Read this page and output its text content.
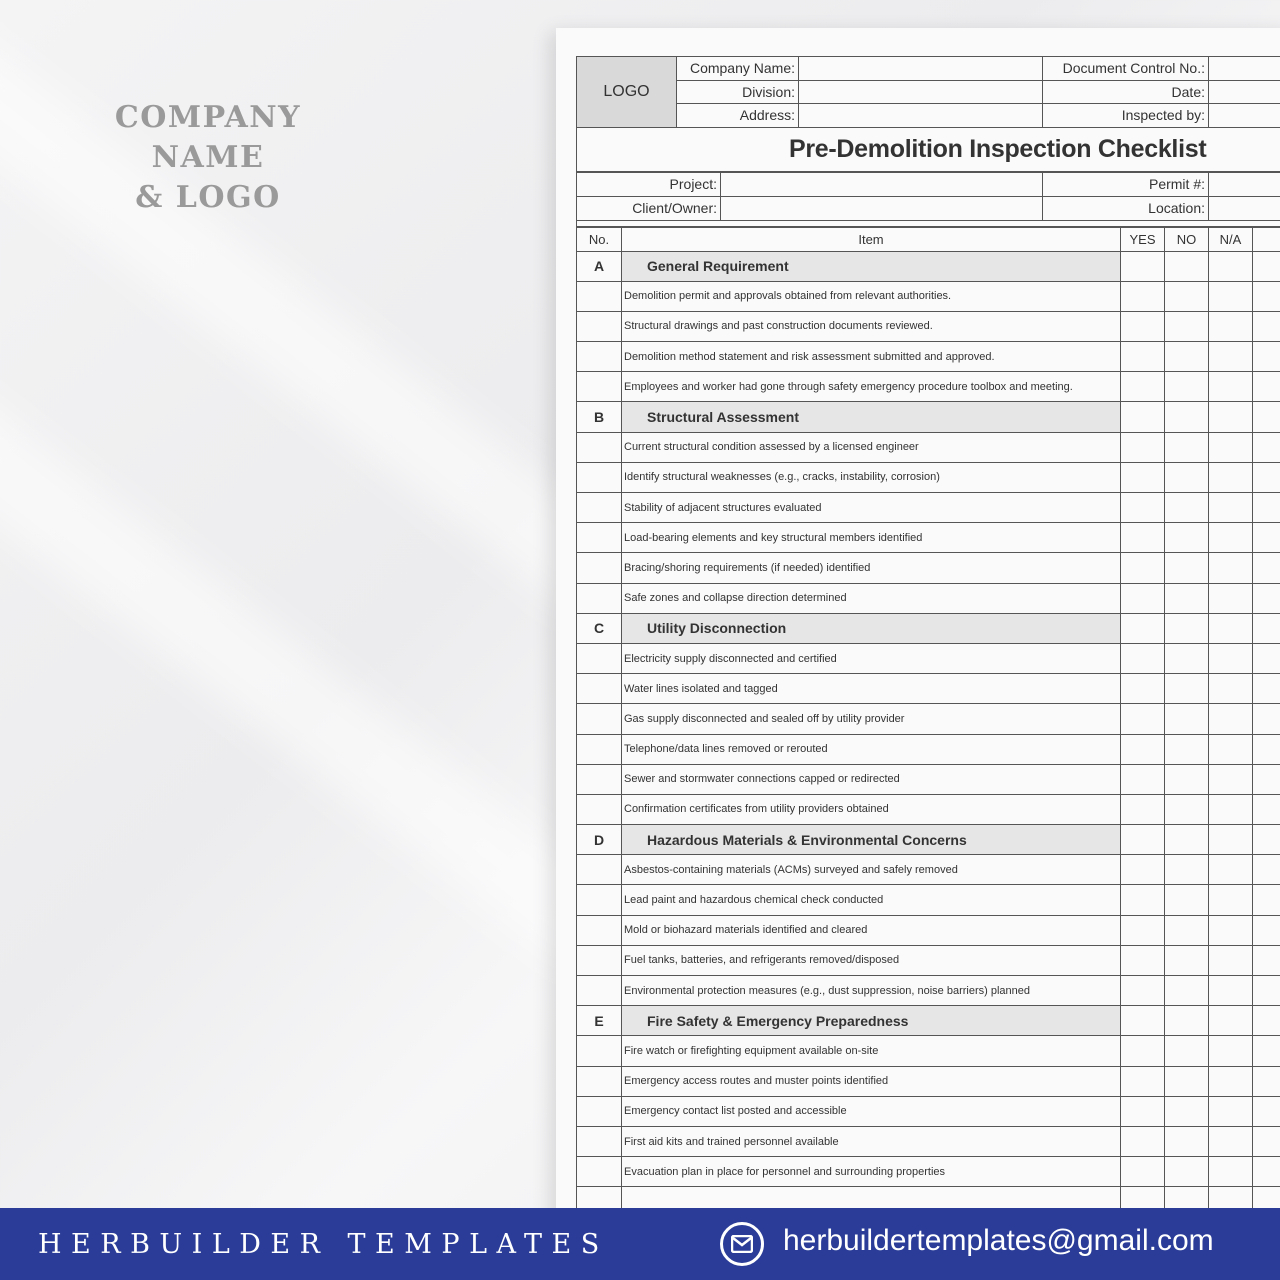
COMPANY NAME
& LOGO
LOGO	Company Name:		Document Control No.:	
	Division:		Date:	
	Address:		Inspected by:	
Pre-Demolition Inspection Checklist
Project:		Permit #:	
Client/Owner:		Location:	
No.	Item	YES	NO	N/A	
A	General Requirement				
	Demolition permit and approvals obtained from relevant authorities.				
	Structural drawings and past construction documents reviewed.				
	Demolition method statement and risk assessment submitted and approved.				
	Employees and worker had gone through safety emergency procedure toolbox and meeting.				
B	Structural Assessment				
	Current structural condition assessed by a licensed engineer				
	Identify structural weaknesses (e.g., cracks, instability, corrosion)				
	Stability of adjacent structures evaluated				
	Load-bearing elements and key structural members identified				
	Bracing/shoring requirements (if needed) identified				
	Safe zones and collapse direction determined				
C	Utility Disconnection				
	Electricity supply disconnected and certified				
	Water lines isolated and tagged				
	Gas supply disconnected and sealed off by utility provider				
	Telephone/data lines removed or rerouted				
	Sewer and stormwater connections capped or redirected				
	Confirmation certificates from utility providers obtained				
D	Hazardous Materials & Environmental Concerns				
	Asbestos-containing materials (ACMs) surveyed and safely removed				
	Lead paint and hazardous chemical check conducted				
	Mold or biohazard materials identified and cleared				
	Fuel tanks, batteries, and refrigerants removed/disposed				
	Environmental protection measures (e.g., dust suppression, noise barriers) planned				
E	Fire Safety & Emergency Preparedness				
	Fire watch or firefighting equipment available on-site				
	Emergency access routes and muster points identified				
	Emergency contact list posted and accessible				
	First aid kits and trained personnel available				
	Evacuation plan in place for personnel and surrounding properties				

HERBUILDER TEMPLATES	herbuildertemplates@gmail.com
